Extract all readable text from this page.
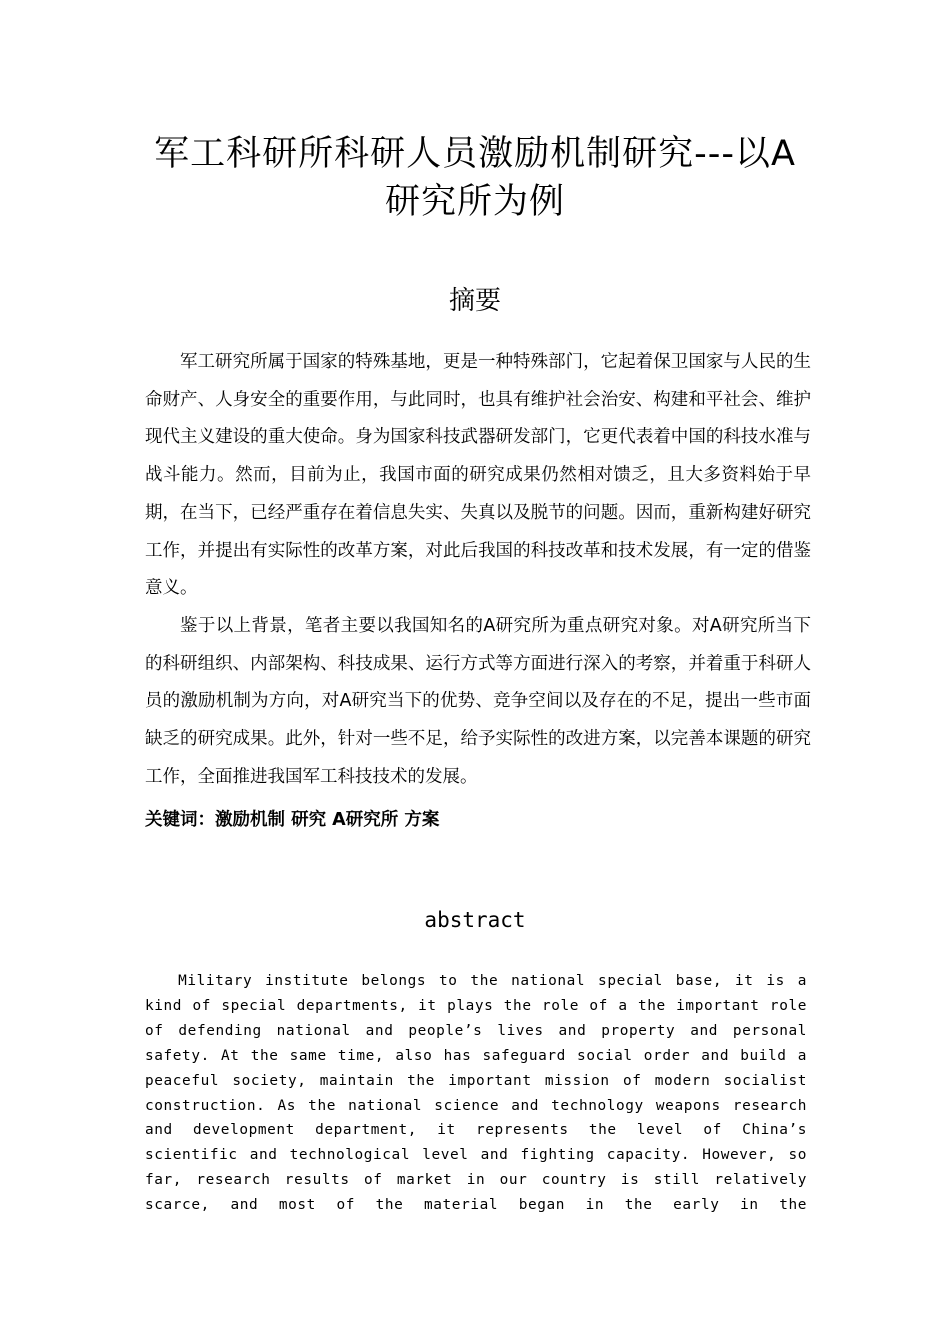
军工科研所科研人员激励机制研究---以A
研究所为例
摘要

军工研究所属于国家的特殊基地，更是一种特殊部门，它起着保卫国家与人民的生命财产、人身安全的重要作用，与此同时，也具有维护社会治安、构建和平社会、维护现代主义建设的重大使命。身为国家科技武器研发部门，它更代表着中国的科技水准与战斗能力。然而，目前为止，我国市面的研究成果仍然相对馈乏，且大多资料始于早期，在当下，已经严重存在着信息失实、失真以及脱节的问题。因而，重新构建好研究工作，并提出有实际性的改革方案，对此后我国的科技改革和技术发展，有一定的借鉴意义。

鉴于以上背景，笔者主要以我国知名的A研究所为重点研究对象。对A研究所当下的科研组织、内部架构、科技成果、运行方式等方面进行深入的考察，并着重于科研人员的激励机制为方向，对A研究当下的优势、竞争空间以及存在的不足，提出一些市面缺乏的研究成果。此外，针对一些不足，给予实际性的改进方案，以完善本课题的研究工作，全面推进我国军工科技技术的发展。

关键词：激励机制 研究 A研究所 方案
abstract

Military institute belongs to the national special base, it is a kind of special departments, it plays the role of a the important role of defending national and people’s lives and property and personal safety. At the same time, also has safeguard social order and build a peaceful society, maintain the important mission of modern socialist construction. As the national science and technology weapons research and development department, it represents the level of China’s scientific and technological level and fighting capacity. However, so far, research results of market in our country is still relatively scarce, and most of the material began in the early in the
